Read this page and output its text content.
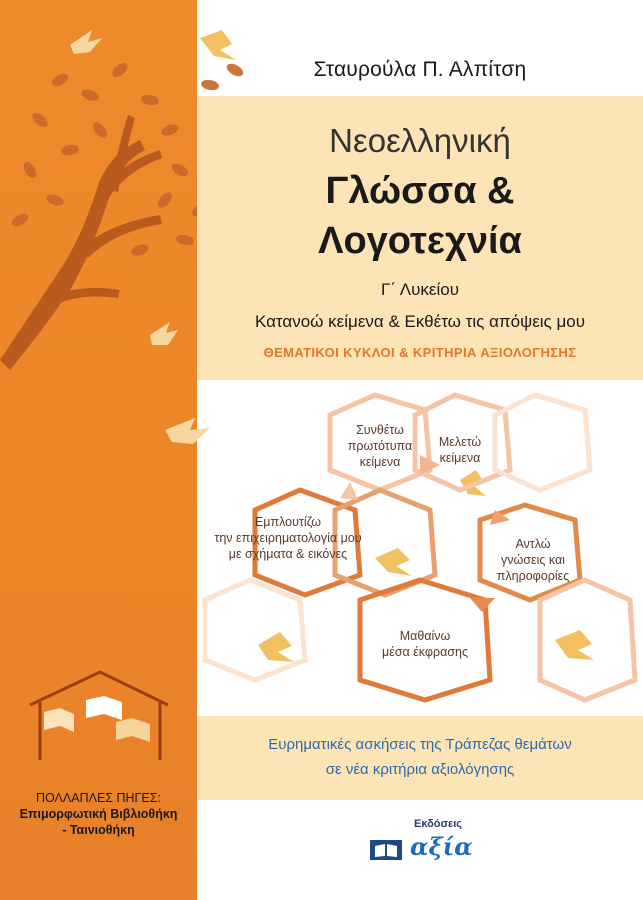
Σταυρούλα Π. Αλπίτση
Νεοελληνική
Γλώσσα &
Λογοτεχνία
Γ΄ Λυκείου
Κατανοώ κείμενα & Εκθέτω τις απόψεις μου
ΘΕΜΑΤΙΚΟΙ ΚΥΚΛΟΙ & ΚΡΙΤΗΡΙΑ ΑΞΙΟΛΟΓΗΣΗΣ
Συνθέτω
πρωτότυπα
κείμενα
Μελετώ
κείμενα
Αντλώ
γνώσεις και
πληροφορίες
Μαθαίνω
μέσα έκφρασης
Εμπλουτίζω
την επιχειρηματολογία μου
με σχήματα & εικόνες
Ευρηματικές ασκήσεις της Τράπεζας θεμάτων
σε νέα κριτήρια αξιολόγησης
ΠΟΛΛΑΠΛΕΣ ΠΗΓΕΣ:
Επιμορφωτική Βιβλιοθήκη
- Ταινιοθήκη	Εκδόσεις
αξία
